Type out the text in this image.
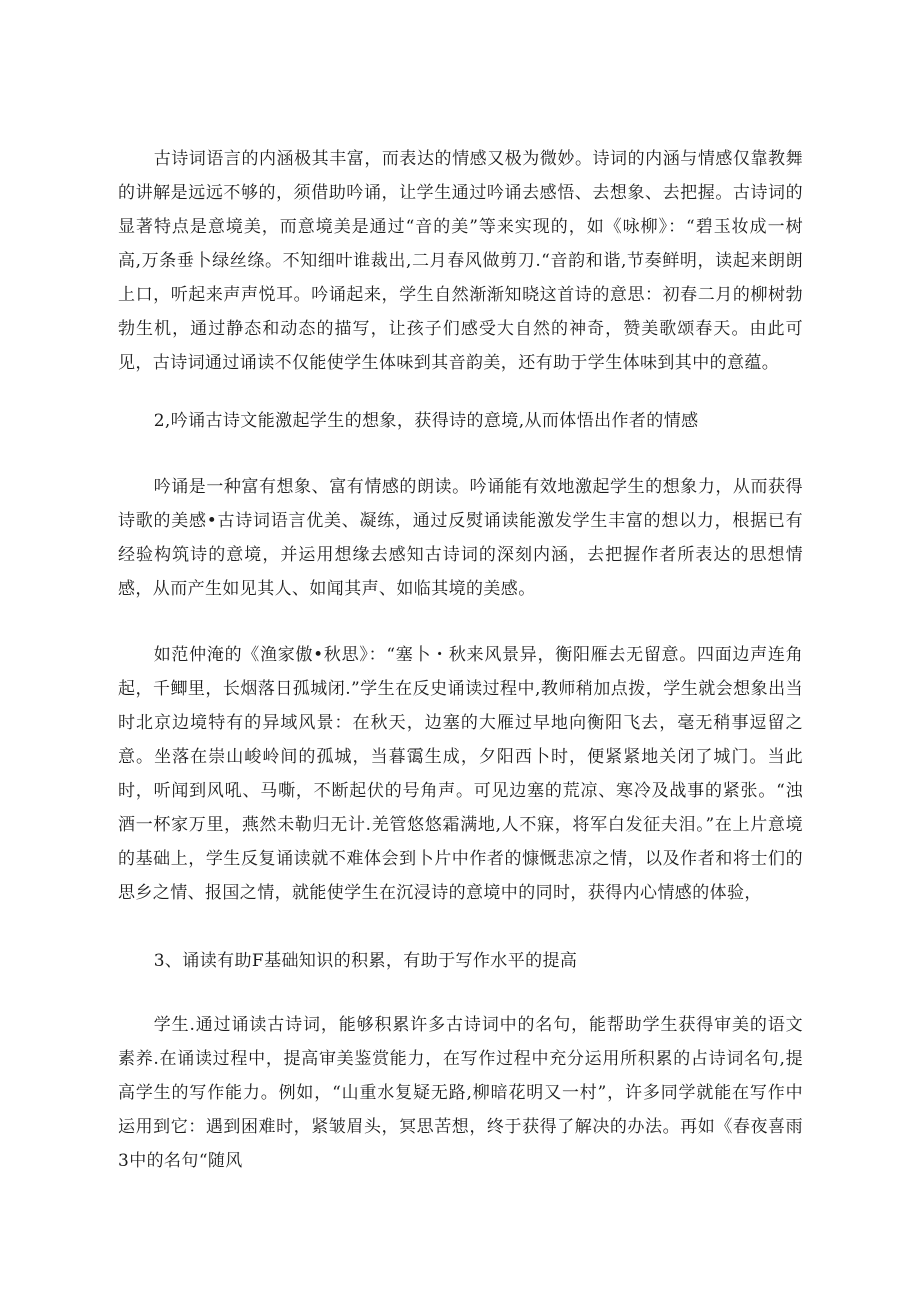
古诗词语言的内涵极其丰富，而表达的情感又极为微妙。诗词的内涵与情感仅靠教舞的讲解是远远不够的，须借助吟诵，让学生通过吟诵去感悟、去想象、去把握。古诗词的显著特点是意境美，而意境美是通过“音的美”等来实现的，如《咏柳》：“碧玉妆成一树高,万条垂卜绿丝绦。不知细叶谁裁出,二月春风做剪刀.“音韵和谐,节奏鲜明，读起来朗朗上口，听起来声声悦耳。吟诵起来，学生自然渐渐知晓这首诗的意思：初春二月的柳树勃勃生机，通过静态和动态的描写，让孩子们感受大自然的神奇，赞美歌颂春天。由此可见，古诗词通过诵读不仅能使学生体味到其音韵美，还有助于学生体味到其中的意蕴。

2,吟诵古诗文能激起学生的想象，获得诗的意境,从而体悟出作者的情感

吟诵是一种富有想象、富有情感的朗读。吟诵能有效地激起学生的想象力，从而获得诗歌的美感•古诗词语言优美、凝练，通过反熨诵读能激发学生丰富的想以力，根据已有经验构筑诗的意境，并运用想缘去感知古诗词的深刻内涵，去把握作者所表达的思想情感，从而产生如见其人、如闻其声、如临其境的美感。

如范仲淹的《渔家傲•秋思》：“塞卜・秋来风景异，衡阳雁去无留意。四面边声连角起，千鲫里，长烟落日孤城闭.”学生在反史诵读过程中,教师稍加点拨，学生就会想象出当时北京边境特有的异域风景：在秋天，边塞的大雁过早地向衡阳飞去，毫无稍事逗留之意。坐落在崇山峻岭间的孤城，当暮霭生成，夕阳西卜时，便紧紧地关闭了城门。当此时，听闻到风吼、马嘶，不断起伏的号角声。可见边塞的荒凉、寒冷及战事的紧张。“浊酒一杯家万里，燕然未勒归无计.羌管悠悠霜满地,人不寐，将军白发征夫泪。”在上片意境的基础上，学生反复诵读就不难体会到卜片中作者的慷慨悲凉之情，以及作者和将士们的思乡之情、报国之情，就能使学生在沉浸诗的意境中的同时，获得内心情感的体验，

3、诵读有助F基础知识的积累，有助于写作水平的提高

学生.通过诵读古诗词，能够积累许多古诗词中的名句，能帮助学生获得审美的语文素养.在诵读过程中，提高审美鉴赏能力，在写作过程中充分运用所积累的占诗词名句,提高学生的写作能力。例如，“山重水复疑无路,柳暗花明又一村”，许多同学就能在写作中运用到它：遇到困难时，紧皱眉头，冥思苦想，终于获得了解决的办法。再如《春夜喜雨3中的名句“随风
